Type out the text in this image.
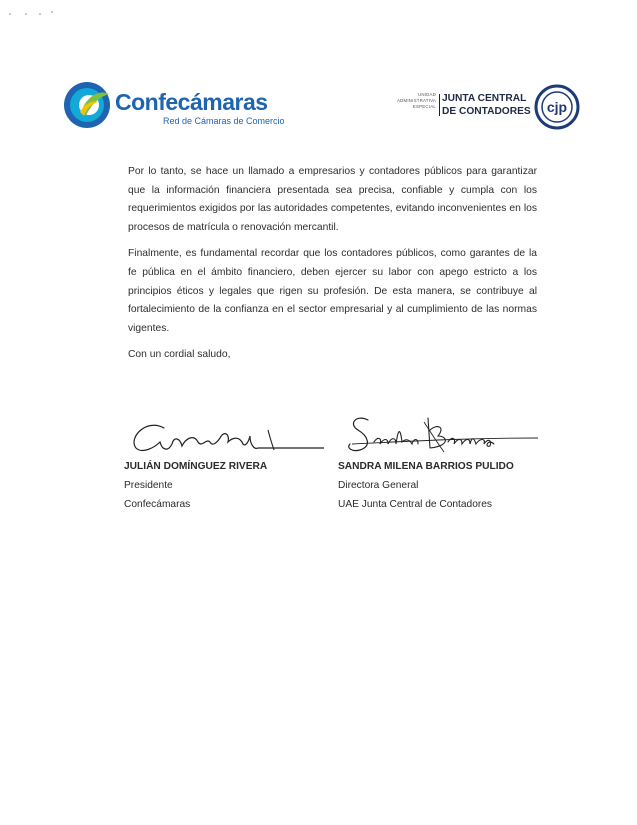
Confecámaras
Red de Cámaras de Comercio
UNIDAD
ADMINISTRATIVA
ESPECIAL
JUNTA CENTRAL
DE CONTADORES cjp

Por lo tanto, se hace un llamado a empresarios y contadores públicos para garantizar que la información financiera presentada sea precisa, confiable y cumpla con los requerimientos exigidos por las autoridades competentes, evitando inconvenientes en los procesos de matrícula o renovación mercantil.

Finalmente, es fundamental recordar que los contadores públicos, como garantes de la fe pública en el ámbito financiero, deben ejercer su labor con apego estricto a los principios éticos y legales que rigen su profesión. De esta manera, se contribuye al fortalecimiento de la confianza en el sector empresarial y al cumplimiento de las normas vigentes.

Con un cordial saludo,

JULIÁN DOMÍNGUEZ RIVERA
Presidente
Confecámaras
SANDRA MILENA BARRIOS PULIDO
Directora General
UAE Junta Central de Contadores
